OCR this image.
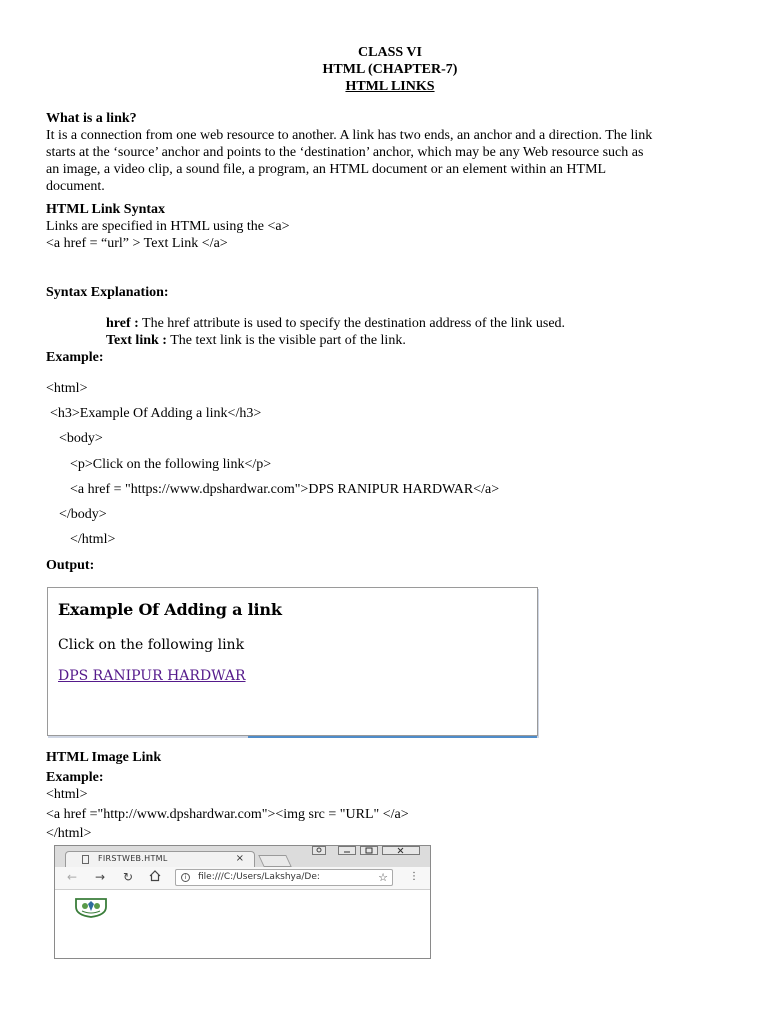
CLASS VI

HTML (CHAPTER-7)

HTML LINKS

What is a link?

It is a connection from one web resource to another. A link has two ends, an anchor and a direction. The link

starts at the ‘source’ anchor and points to the ‘destination’ anchor, which may be any Web resource such as

an image, a video clip, a sound file, a program, an HTML document or an element within an HTML

document.

HTML Link Syntax

Links are specified in HTML using the <a>

<a href = “url” > Text Link </a>

Syntax Explanation:

href : The href attribute is used to specify the destination address of the link used.

Text link : The text link is the visible part of the link.

Example:

<html>

<h3>Example Of Adding a link</h3>

<body>

<p>Click on the following link</p>

<a href = "https://www.dpshardwar.com">DPS RANIPUR HARDWAR</a>

</body>

</html>

Output:

Example Of Adding a link
Click on the following link
DPS RANIPUR HARDWAR

HTML Image Link

Example:

<html>

<a href ="http://www.dpshardwar.com"><img src = "URL" </a>

</html>

FIRSTWEB.HTML	×
← → ↻	i	file:///C:/Users/Lakshya/De:	☆ ⋮
